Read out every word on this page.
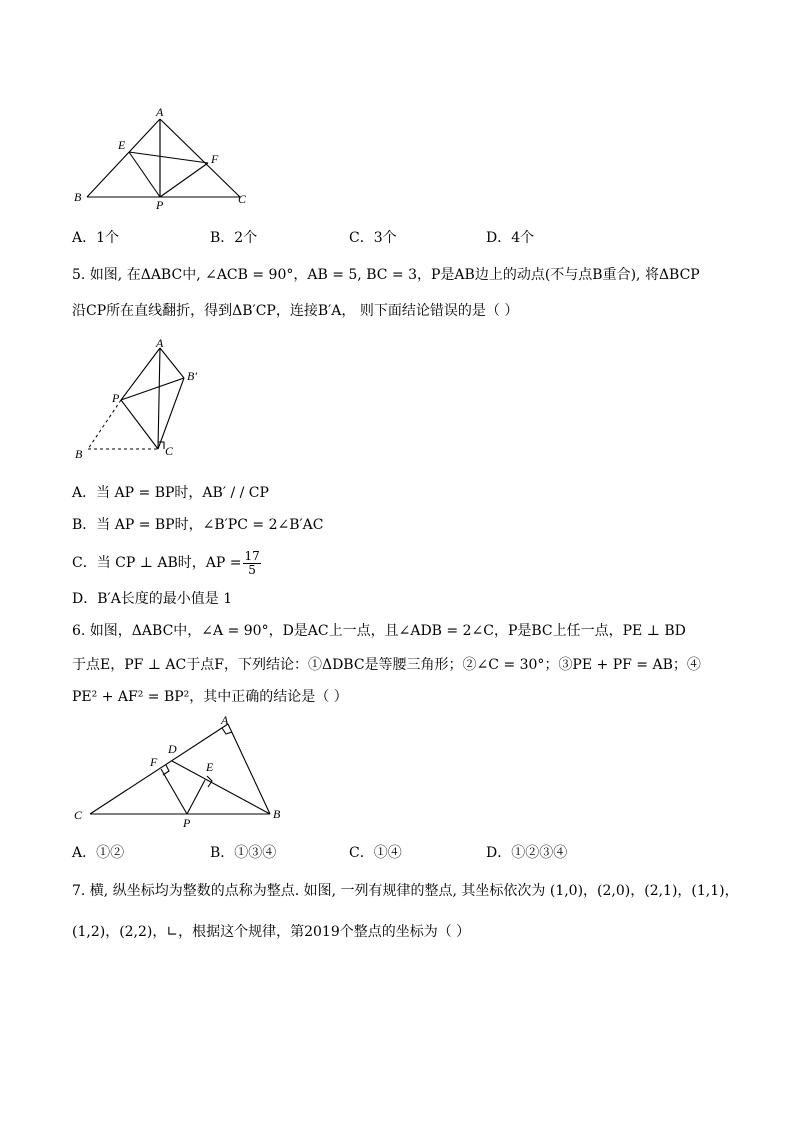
A
E
F
B
P	C
A．1个	B．2个	C．3个	D．4个
5. 如图, 在ΔABC中, ∠ACB = 90°，AB = 5, BC = 3，P是AB边上的动点(不与点B重合), 将ΔBCP
沿CP所在直线翻折，得到ΔB′CP，连接B′A， 则下面结论错误的是（ ）
A
B′
P
B	C
A．当 AP = BP时，AB′ / / CP
B．当 AP = BP时，∠B′PC = 2∠B′AC
C．当 CP ⊥ AB时，AP = $\frac{17}{5}$
D．B′A长度的最小值是 1
6. 如图，ΔABC中，∠A = 90°，D是AC上一点，且∠ADB = 2∠C，P是BC上任一点，PE ⊥ BD
于点E，PF ⊥ AC于点F，下列结论：①ΔDBC是等腰三角形；②∠C = 30°；③PE + PF = AB；④
PE² + AF² = BP²，其中正确的结论是（ ）
A
D
F	E
C
P
B
A．①②	B．①③④	C．①④	D．①②③④
7. 横, 纵坐标均为整数的点称为整点. 如图, 一列有规律的整点, 其坐标依次为 (1,0)，(2,0)，(2,1)，(1,1)，
(1,2)，(2,2)，∟，根据这个规律，第2019个整点的坐标为（ ）
